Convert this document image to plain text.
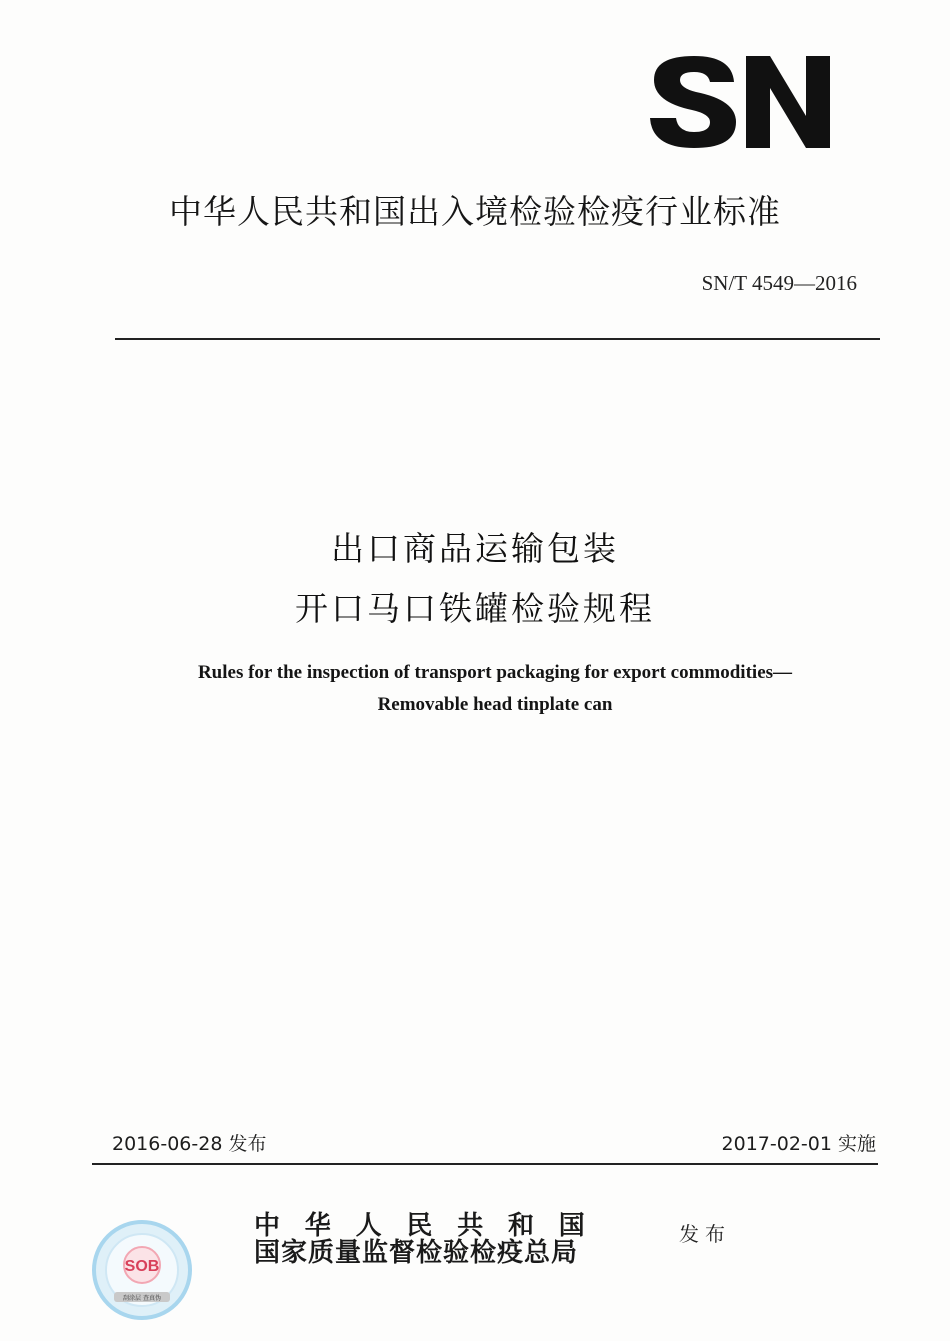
中华人民共和国出入境检验检疫行业标准
SN/T 4549—2016
出口商品运输包装
开口马口铁罐检验规程
Rules for the inspection of transport packaging for export commodities—
Removable head tinplate can
2016-06-28 发布	2017-02-01 实施
中华人民共和国
国家质量监督检验检疫总局
发布
SOB
刮涂层 查真伪
